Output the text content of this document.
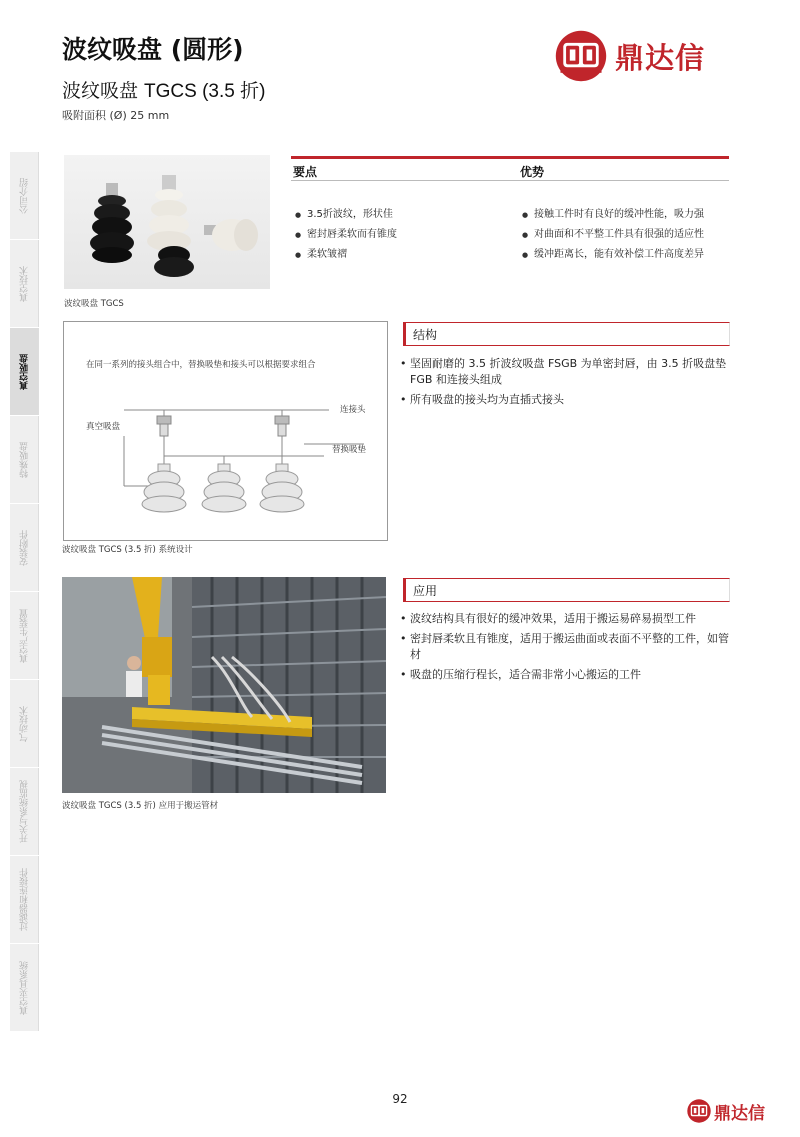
波纹吸盘 (圆形)
波纹吸盘 TGCS (3.5 折)
吸附面积 (Ø) 25 mm
鼎达信
公司介绍
真空技术
真空吸盘
特殊吸盘
安装附件
真空产生装置
气动技术
开关与系统监视
过滤器和连接件
真空夹具系统
波纹吸盘 TGCS
要点
● 3.5折波纹，形状佳
● 密封唇柔软而有锥度
● 柔软皱褶
优势
● 接触工件时有良好的缓冲性能，吸力强
● 对曲面和不平整工件具有很强的适应性
● 缓冲距离长，能有效补偿工件高度差异
在同一系列的接头组合中，替换吸垫和接头可以根据要求组合
真空吸盘
连接头
替换吸垫
波纹吸盘 TGCS (3.5 折) 系统设计
结构
• 坚固耐磨的 3.5 折波纹吸盘 FSGB 为单密封唇，由 3.5 折吸盘垫 FGB 和连接头组成
• 所有吸盘的接头均为直插式接头
波纹吸盘 TGCS (3.5 折) 应用于搬运管材
应用
• 波纹结构具有很好的缓冲效果，适用于搬运易碎易损型工件
• 密封唇柔软且有锥度，适用于搬运曲面或表面不平整的工件，如管材
• 吸盘的压缩行程长，适合需非常小心搬运的工件
92
鼎达信
